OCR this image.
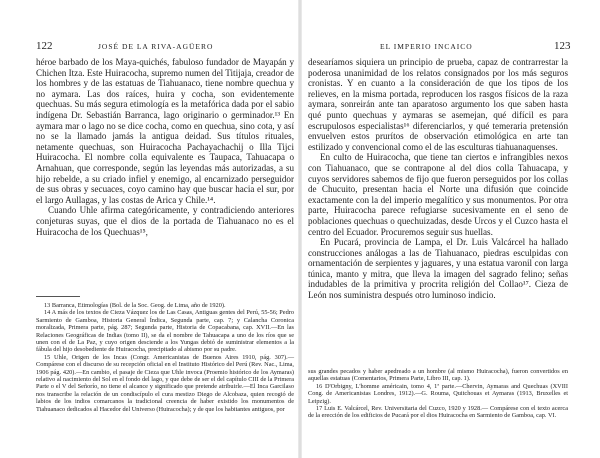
122	JOSÉ DE LA RIVA-AGÜERO

héroe barbado de los Maya-quichés, fabuloso fundador de Mayapán y Chichen Itza. Este Huiracocha, supremo numen del Titijaja, creador de los hombres y de las estatuas de Tiahuanaco, tiene nombre quechua y no aymara. Las dos raíces, huira y cocha, son evidentemente quechuas. Su más segura etimología es la metafórica dada por el sabio indígena Dr. Sebastián Barranca, lago originario o germinador.¹³ En aymara mar o lago no se dice cocha, como en quechua, sino cota, y así no se la llamado jamás la antigua deidad. Sus títulos rituales, netamente quechuas, son Huiracocha Pachayachachij o Illa Tijci Huiracocha. El nombre colla equivalente es Taupaca, Tahuacapa o Arnahuan, que corresponde, según las leyendas más autorizadas, a su hijo rebelde, a su criado infiel y enemigo, al encarnizado perseguidor de sus obras y secuaces, coyo camino hay que buscar hacia el sur, por el largo Aullagas, y las costas de Arica y Chile.¹⁴.

Cuando Uhle afirma categóricamente, y contradiciendo anteriores conjeturas suyas, que el dios de la portada de Tiahuanaco no es el Huiracocha de los Quechuas¹⁵,

13 Barranca, Etimologías (Bol. de la Soc. Geog. de Lima, año de 1920).

14 A más de los textos de Cieza Vázquez los de Las Casas, Antiguas gentes del Perú, 55-56; Pedro Sarmiento de Gamboa, Historia General Índica, Segunda parte, cap. 7; y Calancha Coronica moralizada, Primera parte, pág. 287; Segunda parte, Historia de Copacabana, cap. XVII.—En las Relaciones Geográficas de Indias (tomo II), se da el nombre de Tahuacapa a uno de los ríos que se unen con el de La Paz, y cuyo origen desciende a los Yungas debió de suministrar elementos a la fábula del hijo desobediente de Huiracocha, precipitado al abismo por su padre.

15 Uhle, Origen de los Incas (Congr. Americanistas de Buenos Aires 1910, pág. 307).—Compárese con el discurso de su recepción oficial en el Instituto Histórico del Perú (Rev. Nac., Lima, 1906 pág. 420).—En cambio, el pasaje de Cieza que Uhle invoca (Proemio histórico de los Aymaras) relativo al nacimiento del Sol en el fondo del lago, y que debe de ser el del capítulo CIII de la Primera Parte o el V del Señorío, no tiene el alcance y significado que pretende atribuirle.—El Inca Garcilaso nos transcribe la relación de un condiscípulo el cura mestizo Diego de Alcobaza, quien recogió de labios de los indios comarcanos la tradicional creencia de haber existido los monumentos de Tiahuanaco dedicados al Hacedor del Universo (Huiracocha); y de que los habitantes antiguos, por

EL IMPERIO INCAICO	123

desearíamos siquiera un principio de prueba, capaz de contrarrestar la poderosa unanimidad de los relatos consignados por los más seguros cronistas. Y en cuanto a la consideración de que los tipos de los relieves, en la misma portada, reproducen los rasgos físicos de la raza aymara, sonreirán ante tan aparatoso argumento los que saben hasta qué punto quechuas y aymaras se asemejan, qué difícil es para escrupulosos especialistas¹⁶ diferenciarlos, y qué temeraria pretensión envuelven estos prurítos de observación etimológica en arte tan estilizado y convencional como el de las esculturas tiahuanaquenses.

En culto de Huiracocha, que tiene tan ciertos e infrangibles nexos con Tiahuanaco, que se contrapone al del dios colla Tahuacapa, y cuyos servidores sabemos de fijo que fueron perseguidos por los collas de Chucuito, presentan hacia el Norte una difusión que coincide exactamente con la del imperio megalítico y sus monumentos. Por otra parte, Huiracocha parece refugiarse sucesivamente en el seno de poblaciones quechuas o quechuizadas, desde Urcos y el Cuzco hasta el centro del Ecuador. Procuremos seguir sus huellas.

En Pucará, provincia de Lampa, el Dr. Luis Valcárcel ha hallado construcciones análogas a las de Tiahuanaco, piedras esculpidas con ornamentación de serpientes y jaguares, y una estatua varonil con larga túnica, manto y mitra, que lleva la imagen del sagrado felino; señas indudables de la primitiva y procrita religión del Collao¹⁷. Cieza de León nos suministra después otro luminoso indicio.

sus grandes pecados y haber apedreado a un hombre (al mismo Huiracocha), fueron convertidos en aquellas estatuas (Comentarios, Primera Parte, Libro III, cap. 1).

16 D'Orbigny, L'homme américain, tomo 4, 1ª parte.—Chervin, Aymaras and Quechuas (XVIII Cong. de Americanistas Londres, 1912).—G. Rouma, Quitchouas et Aymaras (1913, Bruxelles et Leipzig).

17 Luis E. Valcárcel, Rev. Universitaria del Cuzco, 1920 y 1928.— Compárese con el texto acerca de la erección de los edificios de Pucará por el dios Huiracocha en Sarmiento de Gamboa, cap. VI.
